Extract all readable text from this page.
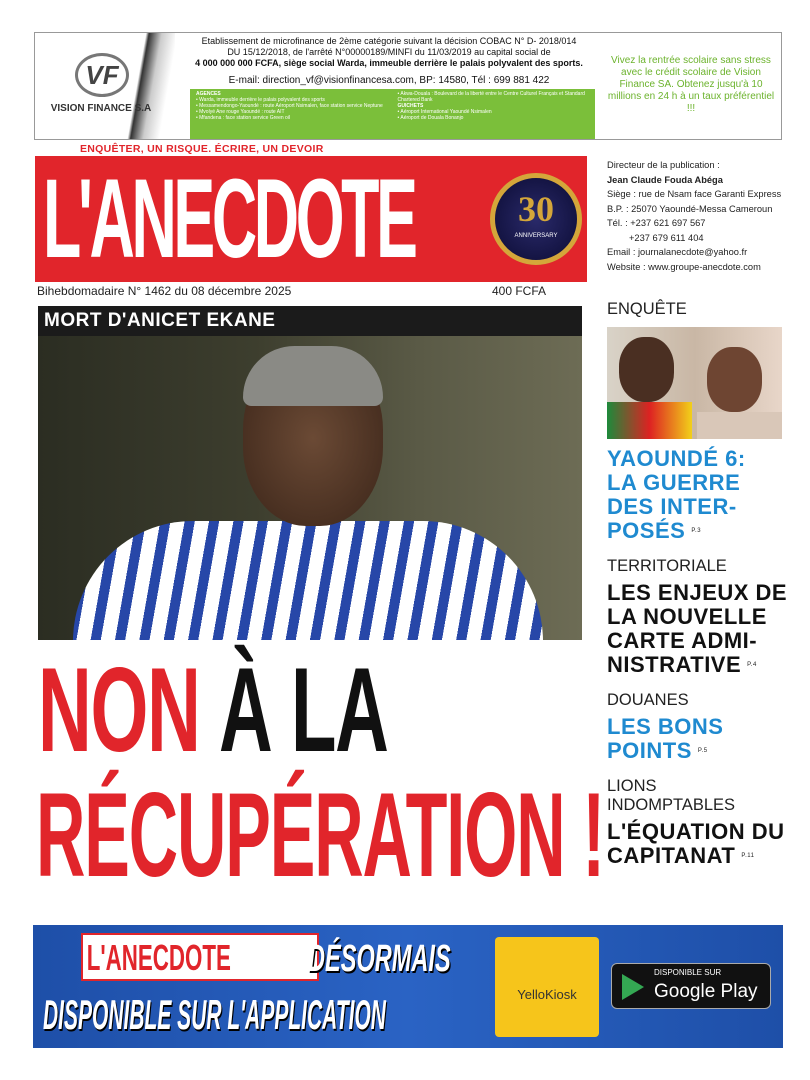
VF
VISION FINANCE S.A
Etablissement de microfinance de 2ème catégorie suivant la décision COBAC N° D- 2018/014
DU 15/12/2018, de l'arrêté N°00000189/MINFI du 11/03/2019 au capital social de
4 000 000 000 FCFA, siège social Warda, immeuble derrière le palais polyvalent des sports.
E-mail: direction_vf@visionfinancesa.com, BP: 14580, Tél : 699 881 422
AGENCES

• Warda, immeuble derrière le palais polyvalent des sports

• Messamendongo-Yaoundé : route Aéroport Nsimalen, face station service Neptune

• Mvolyé Ane rouge Yaoundé : route AIT

• Mfandena : face station service Green oil

• Akwa-Douala : Boulevard de la liberté entre le Centre Culturel Français et Standard Chartered Bank

GUICHETS

• Aéroport International Yaoundé Nsimalen

• Aéroport de Douala Bonanjo

Vivez la rentrée scolaire sans stress avec le crédit scolaire de Vision Finance SA. Obtenez jusqu'à 10 millions en 24 h à un taux préférentiel !!!
ENQUÊTER, UN RISQUE. ÉCRIRE, UN DEVOIR
L'ANECDOTE	30
ANNIVERSARY
Directeur de la publication :
Jean Claude Fouda Abéga
Siège : rue de Nsam face Garanti Express
B.P. : 25070 Yaoundé-Messa Cameroun
Tél. : +237 621 697 567
+237 679 611 404
Email : journalanecdote@yahoo.fr
Website : www.groupe-anecdote.com
Bihebdomadaire N° 1462 du 08 décembre 2025	400 FCFA
MORT D'ANICET EKANE
NON À LA
RÉCUPÉRATION !
ENQUÊTE
YAOUNDÉ 6: LA GUERRE DES INTER-POSÉS P.3
TERRITORIALE
LES ENJEUX DE LA NOUVELLE CARTE ADMI-NISTRATIVE P.4
DOUANES
LES BONS POINTS P.5
LIONS INDOMPTABLES
L'ÉQUATION DU CAPITANAT P.11
L'ANECDOTE DÉSORMAIS
DISPONIBLE SUR L'APPLICATION	YelloKiosk
DISPONIBLE SUR
Google Play
